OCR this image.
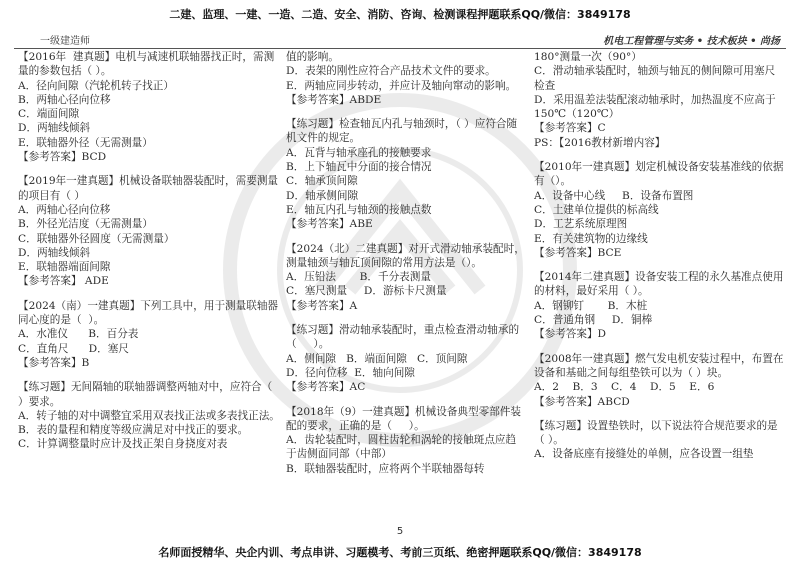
二建、监理、一建、一造、二造、安全、消防、咨询、检测课程押题联系QQ/微信：3849178
一级建造师	机电工程管理与实务 • 技术板块 • 尚扬

【2016年  建真题】电机与减速机联轴器找正时，需测量的参数包括（ ）。

A．径向间隙（汽轮机转子找正）

B．两轴心径向位移

C．端面间隙

D．两轴线倾斜

E．联轴器外径（无需测量）

【参考答案】BCD

【2019年一建真题】机械设备联轴器装配时，需要测量的项目有（ ）

A．两轴心径向位移

B．外径光洁度（无需测量）

C．联轴器外径圆度（无需测量）

D．两轴线倾斜

E．联轴器端面间隙

【参考答案】 ADE

【2024（南）一建真题】下列工具中，用于测量联轴器同心度的是（  ）。

A．水准仪      B．百分表

C．直角尺      D．塞尺

【参考答案】B

【练习题】无间隔轴的联轴器调整两轴对中，应符合（  ）要求。

A．转子轴的对中调整宜采用双表找正法或多表找正法。

B．表的量程和精度等级应满足对中找正的要求。

C．计算调整量时应计及找正架自身挠度对表

值的影响。

D．表架的刚性应符合产品技术文件的要求。

E．两轴应同步转动，并应计及轴向窜动的影响。

【参考答案】ABDE

【练习题】检查轴瓦内孔与轴颈时，（ ）应符合随机文件的规定。

A．瓦背与轴承座孔的接触要求

B．上下轴瓦中分面的接合情况

C．轴承顶间隙

D．轴承侧间隙

E．轴瓦内孔与轴颈的接触点数

【参考答案】ABE

【2024（北）二建真题】对开式滑动轴承装配时，测量轴颈与轴瓦顶间隙的常用方法是（）。

A．压铅法       B．千分表测量

C．塞尺测量     D．游标卡尺测量

【参考答案】A

【练习题】滑动轴承装配时，重点检查滑动轴承的（     ）。

A．侧间隙   B．端面间隙   C．顶间隙

D．径向位移  E．轴向间隙

【参考答案】AC

【2018年（9）一建真题】机械设备典型零部件装配的要求，正确的是（     ）。

A．齿轮装配时，圆柱齿轮和涡轮的接触斑点应趋于齿侧面同部（中部）

B．联轴器装配时，应将两个半联轴器每转

180°测量一次（90°）

C．滑动轴承装配时，轴颈与轴瓦的侧间隙可用塞尺检查

D．采用温差法装配滚动轴承时，加热温度不应高于150℃（120℃）

【参考答案】C

PS：【2016教材新增内容】

【2010年一建真题】划定机械设备安装基准线的依据有（）。

A．设备中心线     B．设备布置图

C．土建单位提供的标高线

D．工艺系统原理图

E．有关建筑物的边缘线

【参考答案】BCE

【2014年二建真题】设备安装工程的永久基准点使用的材料，最好采用（ ）。

A．钢铆钉       B．木桩

C．普通角钢     D．铜棒

【参考答案】D

【2008年一建真题】燃气发电机安装过程中，布置在设备和基础之间每组垫铁可以为（ ）块。

A．2    B．3    C．4    D．5    E．6

【参考答案】ABCD

【练习题】设置垫铁时，以下说法符合规范要求的是（ ）。

A．设备底座有接缝处的单侧，应各设置一组垫

5
名师面授精华、央企内训、考点串讲、习题模考、考前三页纸、绝密押题联系QQ/微信：3849178
